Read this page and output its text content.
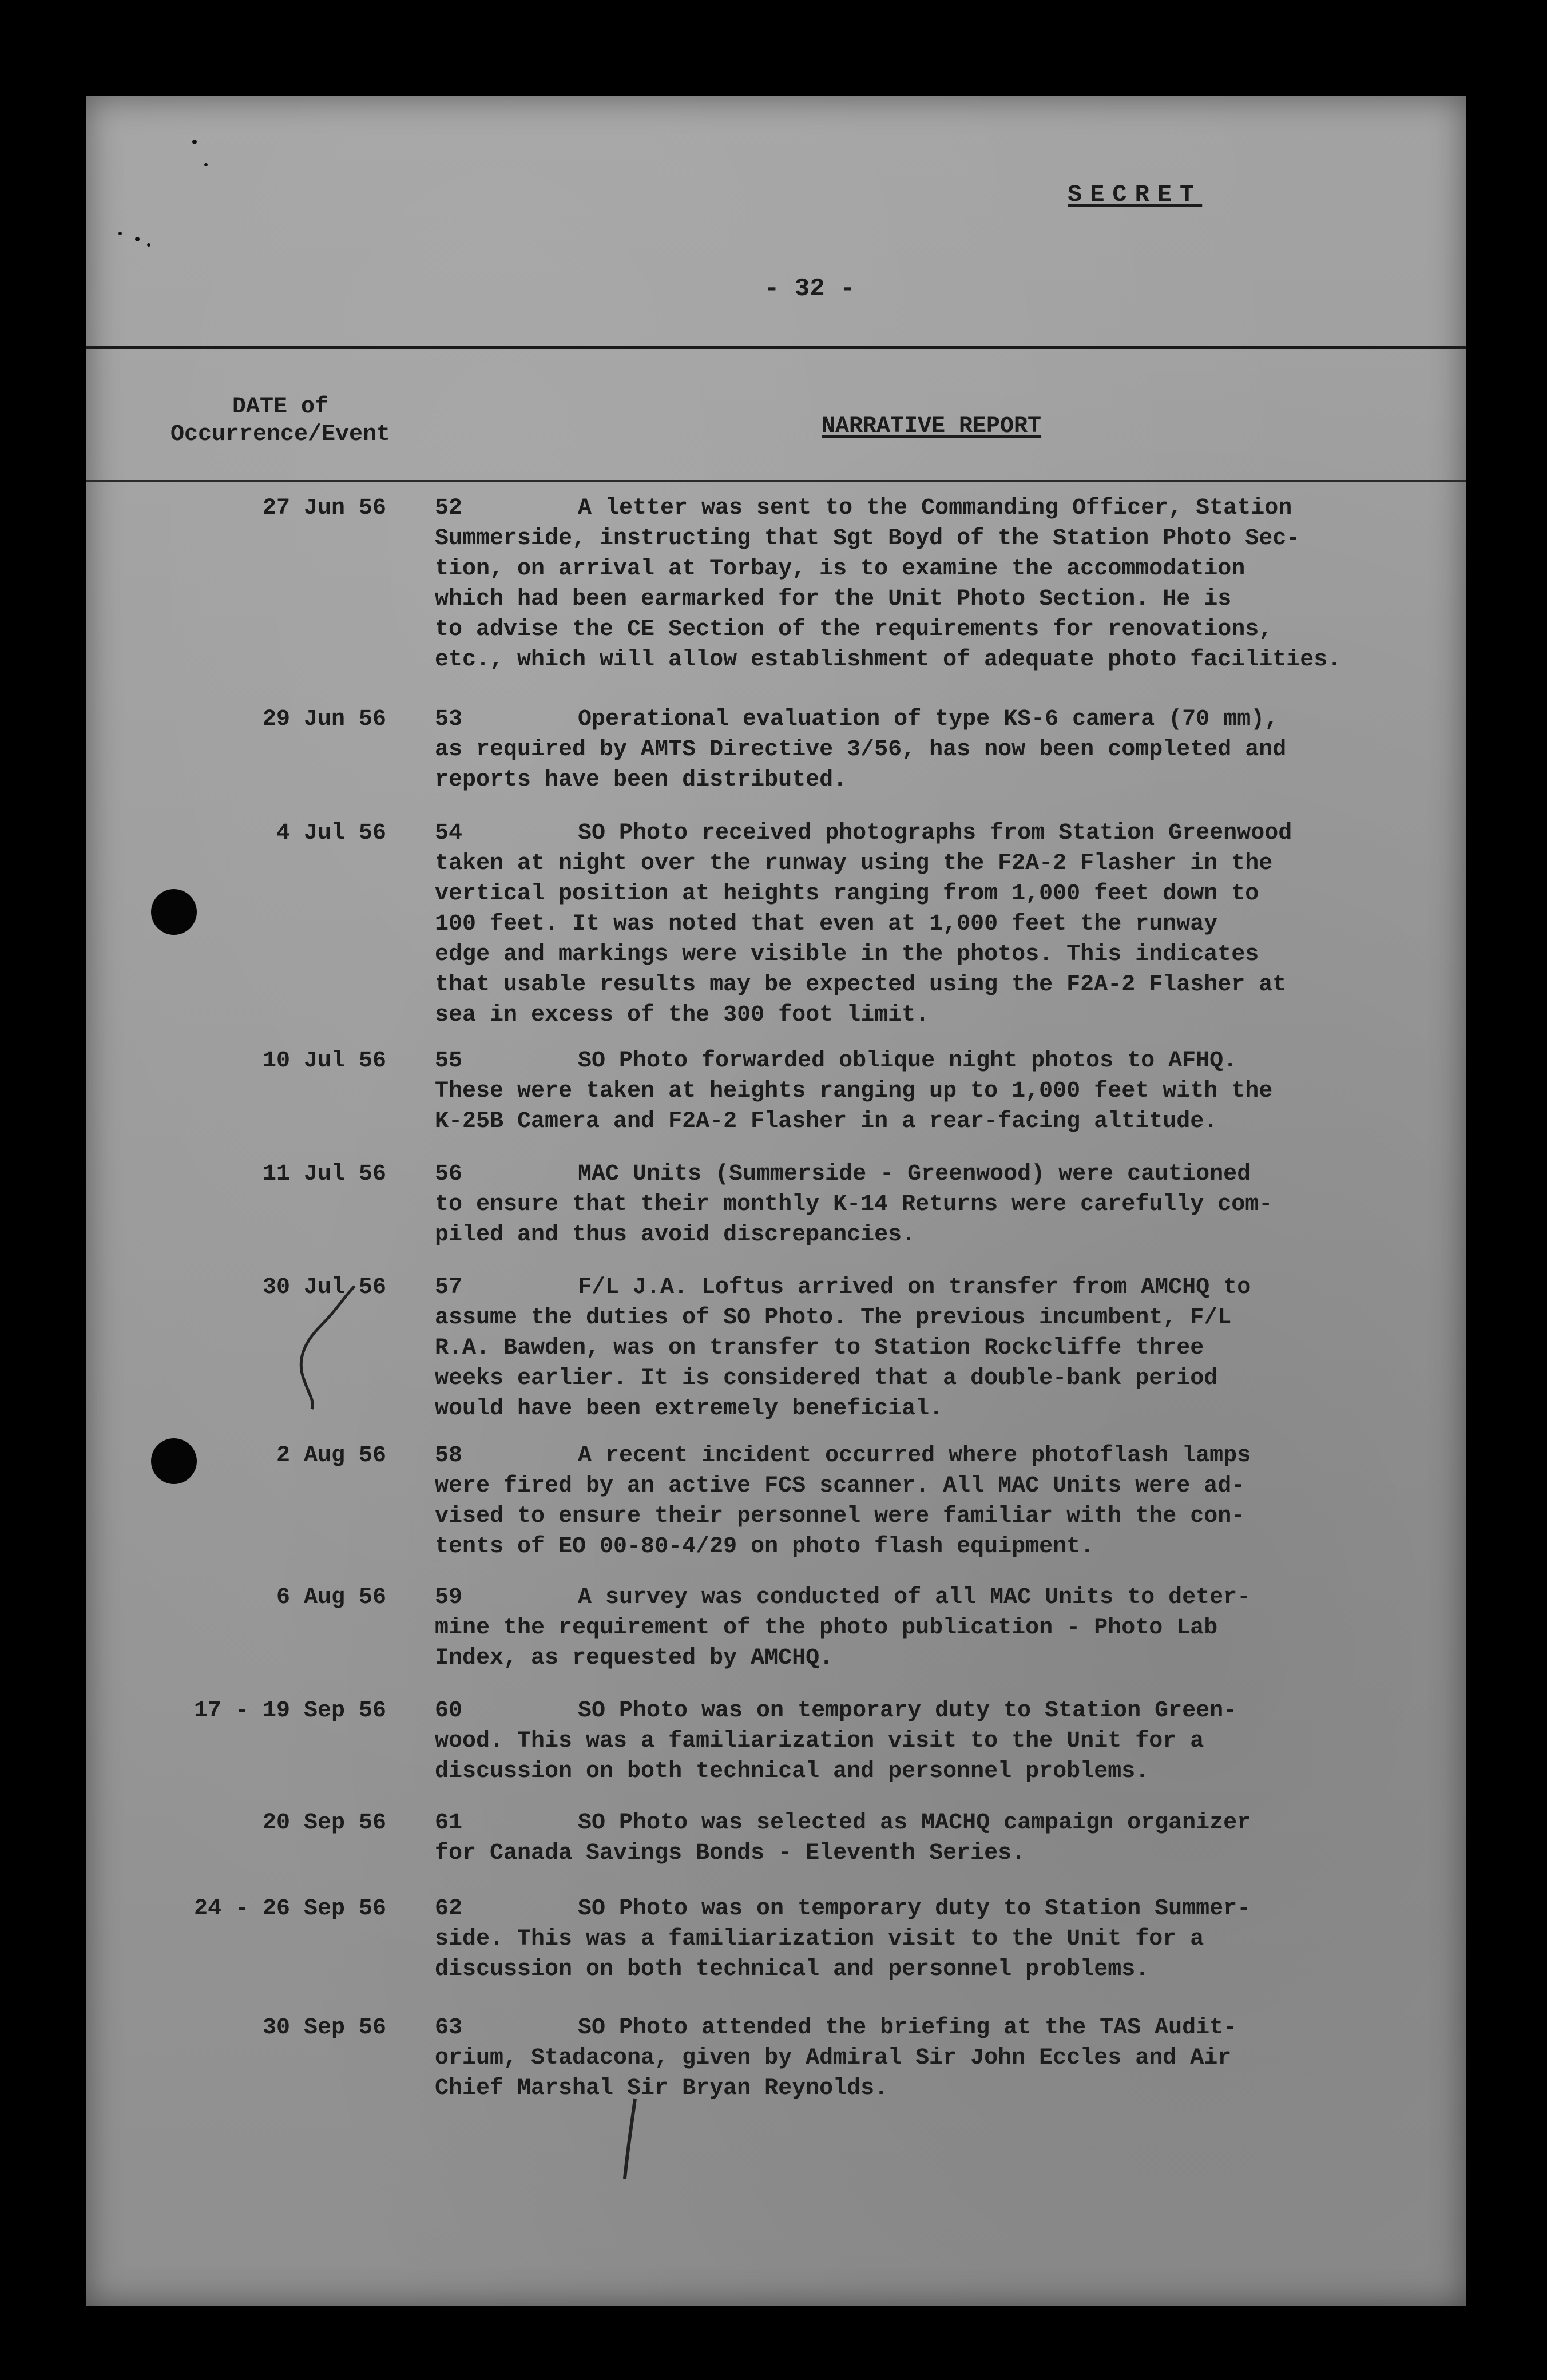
SECRET
- 32 -
DATE of
Occurrence/Event	NARRATIVE REPORT
27 Jun 56 52	A letter was sent to the Commanding Officer, Station
Summerside, instructing that Sgt Boyd of the Station Photo Sec-
tion, on arrival at Torbay, is to examine the accommodation
which had been earmarked for the Unit Photo Section. He is
to advise the CE Section of the requirements for renovations,
etc., which will allow establishment of adequate photo facilities.
29 Jun 56 53	Operational evaluation of type KS-6 camera (70 mm),
as required by AMTS Directive 3/56, has now been completed and
reports have been distributed.
4 Jul 56 54	SO Photo received photographs from Station Greenwood
taken at night over the runway using the F2A-2 Flasher in the
vertical position at heights ranging from 1,000 feet down to
100 feet. It was noted that even at 1,000 feet the runway
edge and markings were visible in the photos. This indicates
that usable results may be expected using the F2A-2 Flasher at
sea in excess of the 300 foot limit.
10 Jul 56 55	SO Photo forwarded oblique night photos to AFHQ.
These were taken at heights ranging up to 1,000 feet with the
K-25B Camera and F2A-2 Flasher in a rear-facing altitude.
11 Jul 56 56	MAC Units (Summerside - Greenwood) were cautioned
to ensure that their monthly K-14 Returns were carefully com-
piled and thus avoid discrepancies.
30 Jul 56 57	F/L J.A. Loftus arrived on transfer from AMCHQ to
assume the duties of SO Photo. The previous incumbent, F/L
R.A. Bawden, was on transfer to Station Rockcliffe three
weeks earlier. It is considered that a double-bank period
would have been extremely beneficial.
2 Aug 56 58	A recent incident occurred where photoflash lamps
were fired by an active FCS scanner. All MAC Units were ad-
vised to ensure their personnel were familiar with the con-
tents of EO 00-80-4/29 on photo flash equipment.
6 Aug 56 59	A survey was conducted of all MAC Units to deter-
mine the requirement of the photo publication - Photo Lab
Index, as requested by AMCHQ.
17 - 19 Sep 56 60	SO Photo was on temporary duty to Station Green-
wood. This was a familiarization visit to the Unit for a
discussion on both technical and personnel problems.
20 Sep 56 61	SO Photo was selected as MACHQ campaign organizer
for Canada Savings Bonds - Eleventh Series.
24 - 26 Sep 56 62	SO Photo was on temporary duty to Station Summer-
side. This was a familiarization visit to the Unit for a
discussion on both technical and personnel problems.
30 Sep 56 63	SO Photo attended the briefing at the TAS Audit-
orium, Stadacona, given by Admiral Sir John Eccles and Air
Chief Marshal Sir Bryan Reynolds.
